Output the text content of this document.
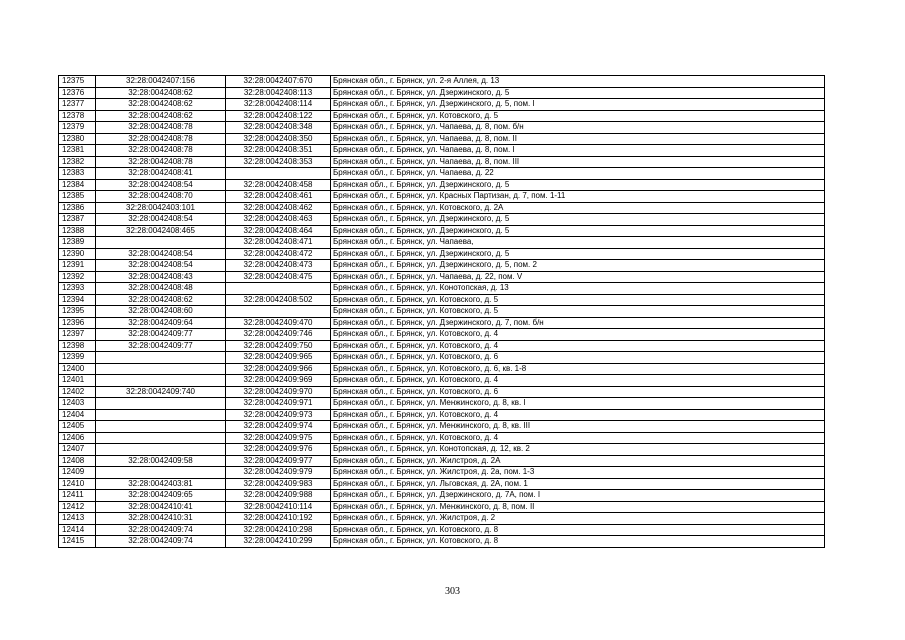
12375	32:28:0042407:156	32:28:0042407:670	Брянская обл., г. Брянск, ул. 2-я Аллея, д. 13
12376	32:28:0042408:62	32:28:0042408:113	Брянская обл., г. Брянск, ул. Дзержинского, д. 5
12377	32:28:0042408:62	32:28:0042408:114	Брянская обл., г. Брянск, ул. Дзержинского, д. 5, пом. I
12378	32:28:0042408:62	32:28:0042408:122	Брянская обл., г. Брянск, ул. Котовского, д. 5
12379	32:28:0042408:78	32:28:0042408:348	Брянская обл., г. Брянск, ул. Чапаева, д. 8, пом. б/н
12380	32:28:0042408:78	32:28:0042408:350	Брянская обл., г. Брянск, ул. Чапаева, д. 8, пом. II
12381	32:28:0042408:78	32:28:0042408:351	Брянская обл., г. Брянск, ул. Чапаева, д. 8, пом. I
12382	32:28:0042408:78	32:28:0042408:353	Брянская обл., г. Брянск, ул. Чапаева, д. 8, пом. III
12383	32:28:0042408:41		Брянская обл., г. Брянск, ул. Чапаева, д. 22
12384	32:28:0042408:54	32:28:0042408:458	Брянская обл., г. Брянск, ул. Дзержинского, д. 5
12385	32:28:0042408:70	32:28:0042408:461	Брянская обл., г. Брянск, ул. Красных Партизан, д. 7, пом. 1-11
12386	32:28:0042403:101	32:28:0042408:462	Брянская обл., г. Брянск, ул. Котовского, д. 2А
12387	32:28:0042408:54	32:28:0042408:463	Брянская обл., г. Брянск, ул. Дзержинского, д. 5
12388	32:28:0042408:465	32:28:0042408:464	Брянская обл., г. Брянск, ул. Дзержинского, д. 5
12389		32:28:0042408:471	Брянская обл., г. Брянск, ул. Чапаева,
12390	32:28:0042408:54	32:28:0042408:472	Брянская обл., г. Брянск, ул. Дзержинского, д. 5
12391	32:28:0042408:54	32:28:0042408:473	Брянская обл., г. Брянск, ул. Дзержинского, д. 5, пом. 2
12392	32:28:0042408:43	32:28:0042408:475	Брянская обл., г. Брянск, ул. Чапаева, д. 22, пом. V
12393	32:28:0042408:48		Брянская обл., г. Брянск, ул. Конотопская, д. 13
12394	32:28:0042408:62	32:28:0042408:502	Брянская обл., г. Брянск, ул. Котовского, д. 5
12395	32:28:0042408:60		Брянская обл., г. Брянск, ул. Котовского, д. 5
12396	32:28:0042409:64	32:28:0042409:470	Брянская обл., г. Брянск, ул. Дзержинского, д. 7, пом. б/н
12397	32:28:0042409:77	32:28:0042409:746	Брянская обл., г. Брянск, ул. Котовского, д. 4
12398	32:28:0042409:77	32:28:0042409:750	Брянская обл., г. Брянск, ул. Котовского, д. 4
12399		32:28:0042409:965	Брянская обл., г. Брянск, ул. Котовского, д. 6
12400		32:28:0042409:966	Брянская обл., г. Брянск, ул. Котовского, д. 6, кв. 1-8
12401		32:28:0042409:969	Брянская обл., г. Брянск, ул. Котовского, д. 4
12402	32:28:0042409:740	32:28:0042409:970	Брянская обл., г. Брянск, ул. Котовского, д. 6
12403		32:28:0042409:971	Брянская обл., г. Брянск, ул. Менжинского, д. 8, кв. I
12404		32:28:0042409:973	Брянская обл., г. Брянск, ул. Котовского, д. 4
12405		32:28:0042409:974	Брянская обл., г. Брянск, ул. Менжинского, д. 8, кв. III
12406		32:28:0042409:975	Брянская обл., г. Брянск, ул. Котовского, д. 4
12407		32:28:0042409:976	Брянская обл., г. Брянск, ул. Конотопская, д. 12, кв. 2
12408	32:28:0042409:58	32:28:0042409:977	Брянская обл., г. Брянск, ул. Жилстроя, д. 2А
12409		32:28:0042409:979	Брянская обл., г. Брянск, ул. Жилстроя, д. 2а, пом. 1-3
12410	32:28:0042403:81	32:28:0042409:983	Брянская обл., г. Брянск, ул. Льговская, д. 2А, пом. 1
12411	32:28:0042409:65	32:28:0042409:988	Брянская обл., г. Брянск, ул. Дзержинского, д. 7А, пом. I
12412	32:28:0042410:41	32:28:0042410:114	Брянская обл., г. Брянск, ул. Менжинского, д. 8, пом. II
12413	32:28:0042410:31	32:28:0042410:192	Брянская обл., г. Брянск, ул. Жилстроя, д. 2
12414	32:28:0042409:74	32:28:0042410:298	Брянская обл., г. Брянск, ул. Котовского, д. 8
12415	32:28:0042409:74	32:28:0042410:299	Брянская обл., г. Брянск, ул. Котовского, д. 8
303
